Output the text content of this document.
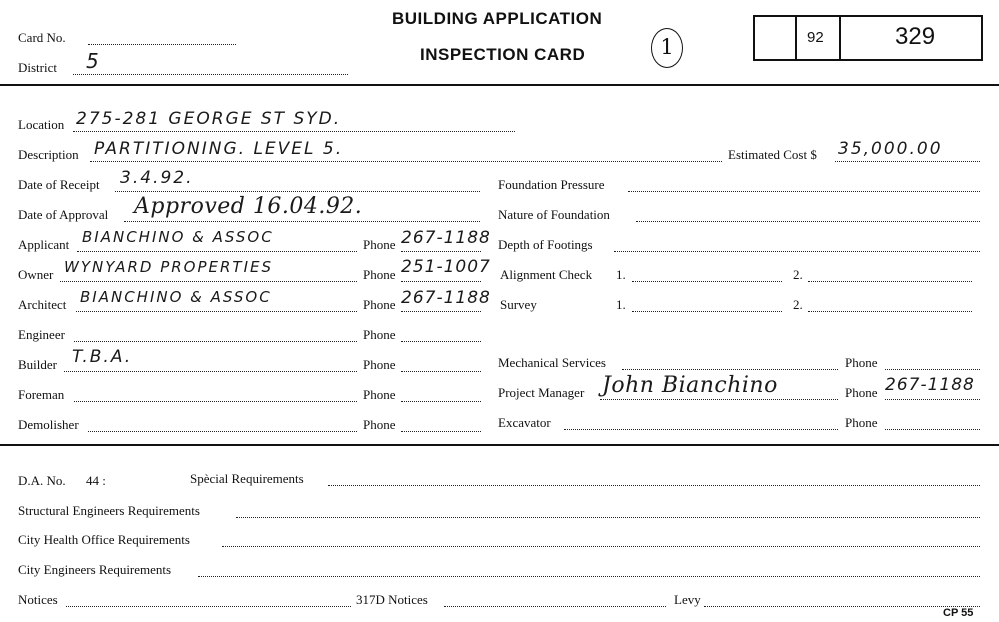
Card No.
District 5
BUILDING APPLICATION
INSPECTION CARD	1	92	329
Location 275-281 GEORGE ST SYD.
Description PARTITIONING. LEVEL 5.	Estimated Cost $ 35,000.00
Date of Receipt 3.4.92.
Date of Approval Approved 16.04.92.
Applicant BIANCHINO & ASSOC	Phone 267-1188
Owner WYNYARD PROPERTIES	Phone 251-1007
Architect BIANCHINO & ASSOC	Phone 267-1188
Engineer	Phone
Builder T.B.A.	Phone
Foreman	Phone
Demolisher	Phone
Foundation Pressure
Nature of Foundation
Depth of Footings
Alignment Check 1.	2.
Survey	1.	2.
Mechanical Services	Phone
Project Manager John Bianchino	Phone 267-1188
Excavator	Phone
D.A. No. 44 :	Spècial Requirements
Structural Engineers Requirements
City Health Office Requirements
City Engineers Requirements
Notices	317D Notices	Levy
CP 55
